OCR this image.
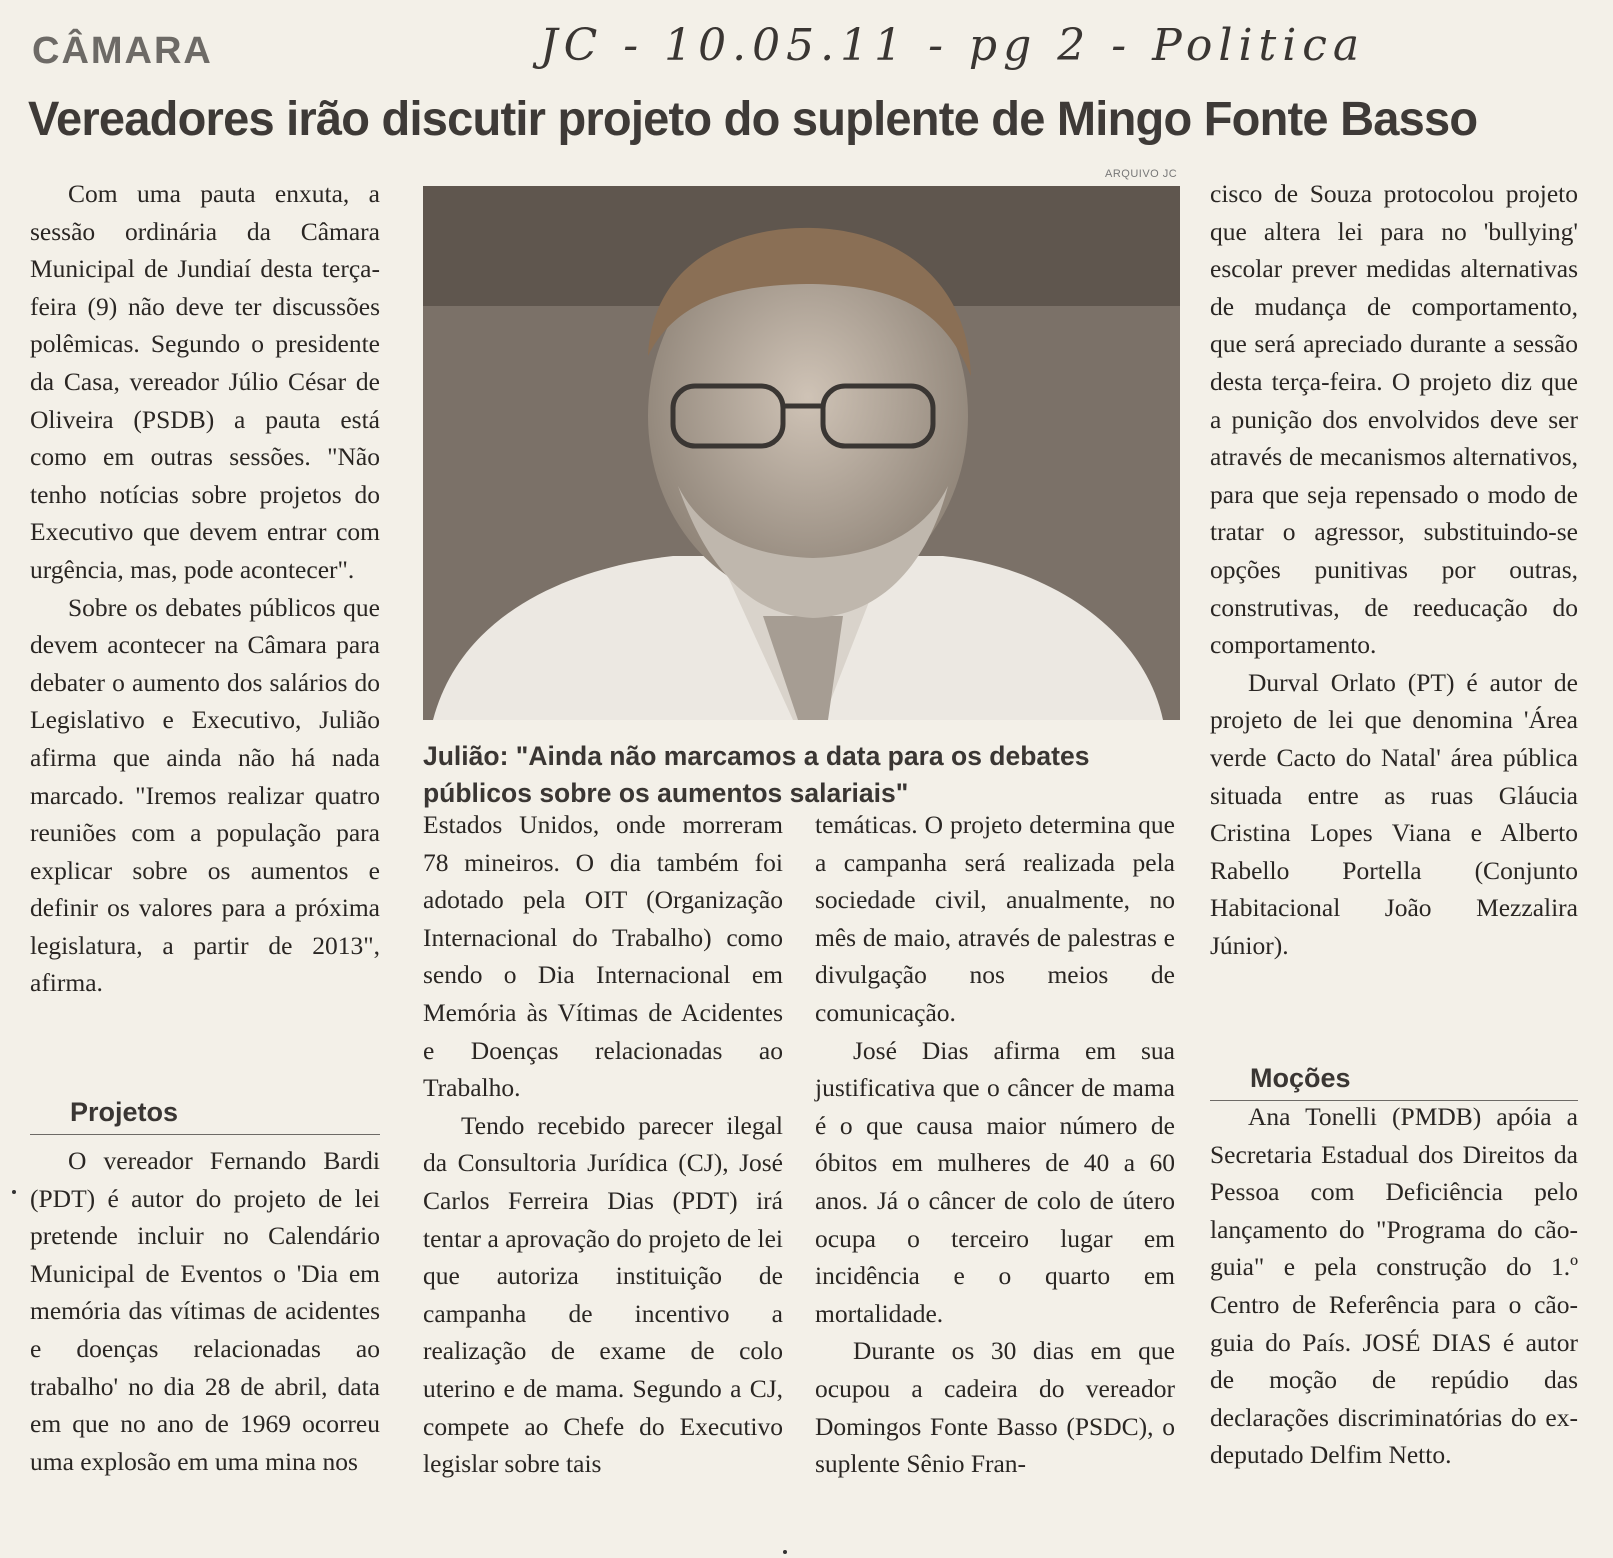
CÂMARA	JC - 10.05.11 - pg 2 - Politica
Vereadores irão discutir projeto do suplente de Mingo Fonte Basso

Com uma pauta enxuta, a sessão ordinária da Câmara Municipal de Jundiaí desta terça-feira (9) não deve ter discussões polêmicas. Segundo o presidente da Casa, vereador Júlio César de Oliveira (PSDB) a pauta está como em outras sessões. "Não tenho notícias sobre projetos do Executivo que devem entrar com urgência, mas, pode acontecer".

Sobre os debates públicos que devem acontecer na Câmara para debater o aumento dos salários do Legislativo e Executivo, Julião afirma que ainda não há nada marcado. "Iremos realizar quatro reuniões com a população para explicar sobre os aumentos e definir os valores para a próxima legislatura, a partir de 2013", afirma.

Projetos

O vereador Fernando Bardi (PDT) é autor do projeto de lei pretende incluir no Calendário Municipal de Eventos o 'Dia em memória das vítimas de acidentes e doenças relacionadas ao trabalho' no dia 28 de abril, data em que no ano de 1969 ocorreu uma explosão em uma mina nos

ARQUIVO JC
Julião: "Ainda não marcamos a data para os debates públicos sobre os aumentos salariais"

Estados Unidos, onde morreram 78 mineiros. O dia também foi adotado pela OIT (Organização Internacional do Trabalho) como sendo o Dia Internacional em Memória às Vítimas de Acidentes e Doenças relacionadas ao Trabalho.

Tendo recebido parecer ilegal da Consultoria Jurídica (CJ), José Carlos Ferreira Dias (PDT) irá tentar a aprovação do projeto de lei que autoriza instituição de campanha de incentivo a realização de exame de colo uterino e de mama. Segundo a CJ, compete ao Chefe do Executivo legislar sobre tais

temáticas. O projeto determina que a campanha será realizada pela sociedade civil, anualmente, no mês de maio, através de palestras e divulgação nos meios de comunicação.

José Dias afirma em sua justificativa que o câncer de mama é o que causa maior número de óbitos em mulheres de 40 a 60 anos. Já o câncer de colo de útero ocupa o terceiro lugar em incidência e o quarto em mortalidade.

Durante os 30 dias em que ocupou a cadeira do vereador Domingos Fonte Basso (PSDC), o suplente Sênio Fran-

cisco de Souza protocolou projeto que altera lei para no 'bullying' escolar prever medidas alternativas de mudança de comportamento, que será apreciado durante a sessão desta terça-feira. O projeto diz que a punição dos envolvidos deve ser através de mecanismos alternativos, para que seja repensado o modo de tratar o agressor, substituindo-se opções punitivas por outras, construtivas, de reeducação do comportamento.

Durval Orlato (PT) é autor de projeto de lei que denomina 'Área verde Cacto do Natal' área pública situada entre as ruas Gláucia Cristina Lopes Viana e Alberto Rabello Portella (Conjunto Habitacional João Mezzalira Júnior).

Moções

Ana Tonelli (PMDB) apóia a Secretaria Estadual dos Direitos da Pessoa com Deficiência pelo lançamento do "Programa do cão-guia" e pela construção do 1.º Centro de Referência para o cão-guia do País. JOSÉ DIAS é autor de moção de repúdio das declarações discriminatórias do ex-deputado Delfim Netto.
